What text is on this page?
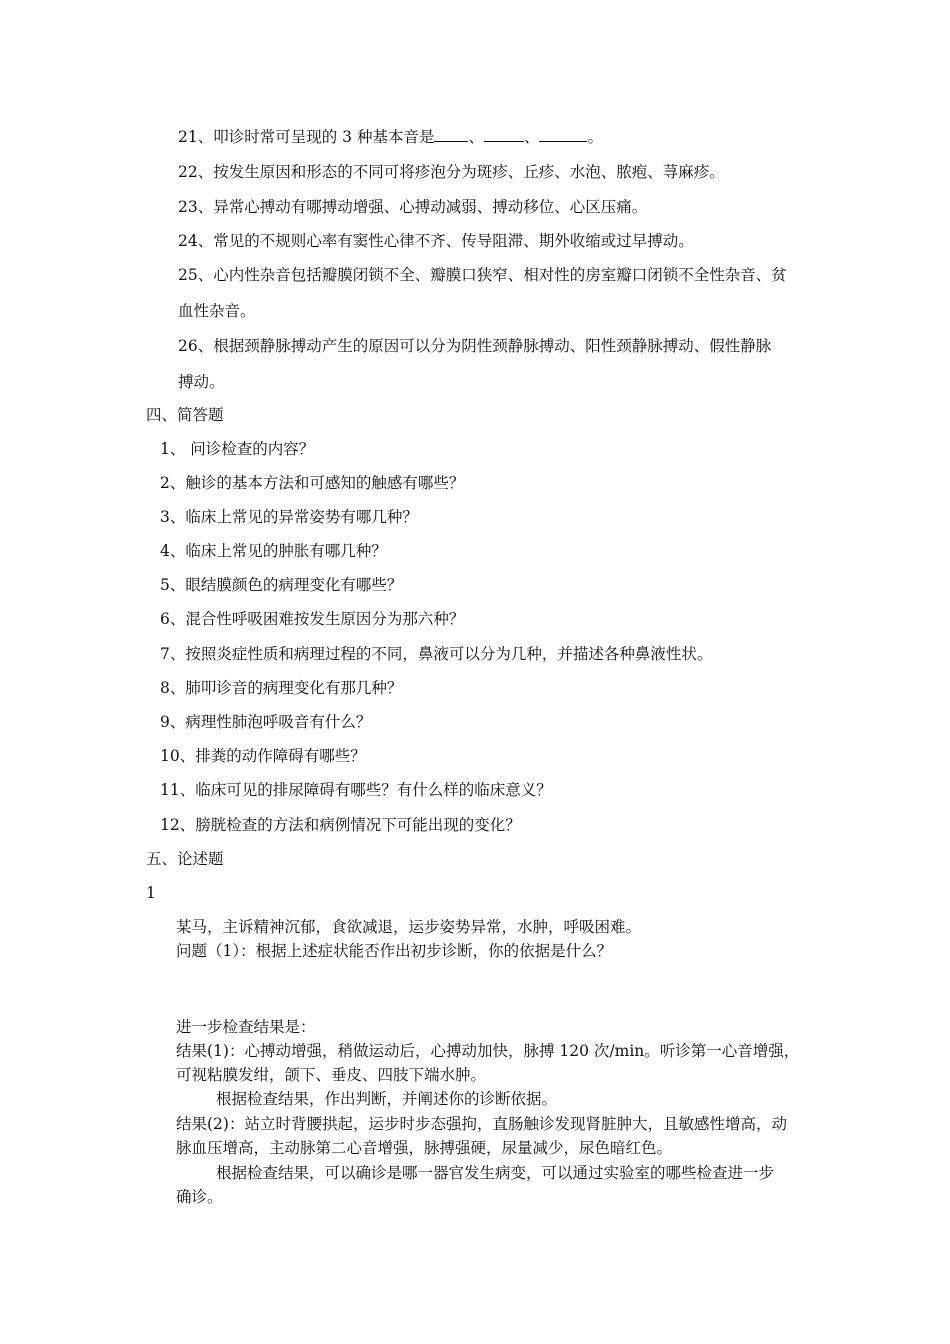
21、叩诊时常可呈现的 3 种基本音是 、	、	。
22、按发生原因和形态的不同可将疹泡分为斑疹、丘疹、水泡、脓疱、荨麻疹。
23、异常心搏动有哪搏动增强、心搏动减弱、搏动移位、心区压痛。
24、常见的不规则心率有窦性心律不齐、传导阻滞、期外收缩或过早搏动。
25、心内性杂音包括瓣膜闭锁不全、瓣膜口狭窄、相对性的房室瓣口闭锁不全性杂音、贫
血性杂音。
26、根据颈静脉搏动产生的原因可以分为阴性颈静脉搏动、阳性颈静脉搏动、假性静脉
搏动。
四、简答题
1、 问诊检查的内容？
2、触诊的基本方法和可感知的触感有哪些？
3、临床上常见的异常姿势有哪几种？
4、临床上常见的肿胀有哪几种？
5、眼结膜颜色的病理变化有哪些？
6、混合性呼吸困难按发生原因分为那六种？
7、按照炎症性质和病理过程的不同，鼻液可以分为几种，并描述各种鼻液性状。
8、肺叩诊音的病理变化有那几种？
9、病理性肺泡呼吸音有什么？
10、排粪的动作障碍有哪些？
11、临床可见的排尿障碍有哪些？有什么样的临床意义？
12、膀胱检查的方法和病例情况下可能出现的变化？
五、论述题
1
某马，主诉精神沉郁，食欲减退，运步姿势异常，水肿，呼吸困难。
问题（1）：根据上述症状能否作出初步诊断，你的依据是什么？
进一步检查结果是：
结果(1)：心搏动增强，稍做运动后，心搏动加快，脉搏 120 次/min。听诊第一心音增强，
可视粘膜发绀，颌下、垂皮、四肢下端水肿。
根据检查结果，作出判断，并阐述你的诊断依据。
结果(2)：站立时背腰拱起，运步时步态强拘，直肠触诊发现肾脏肿大，且敏感性增高，动
脉血压增高，主动脉第二心音增强，脉搏强硬，尿量减少，尿色暗红色。
根据检查结果，可以确诊是哪一器官发生病变，可以通过实验室的哪些检查进一步
确诊。
